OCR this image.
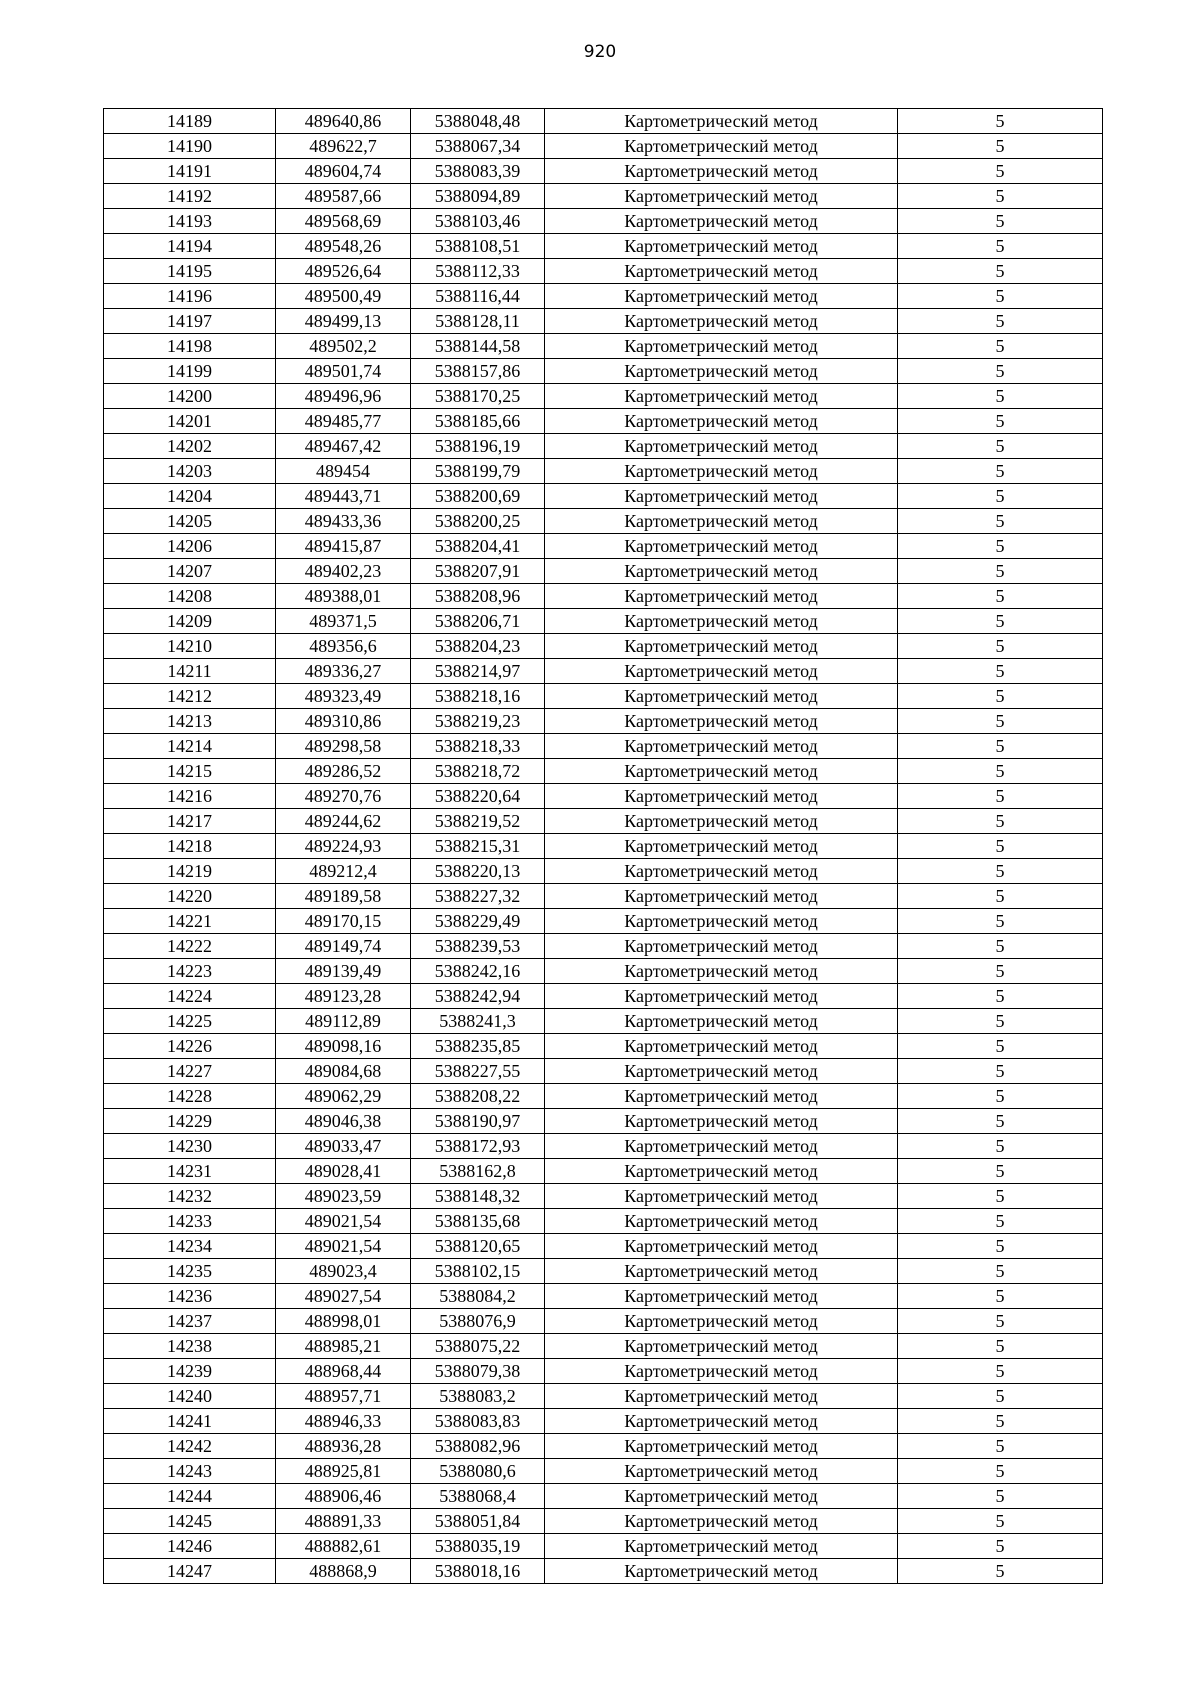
920
14189	489640,86	5388048,48	Картометрический метод	5
14190	489622,7	5388067,34	Картометрический метод	5
14191	489604,74	5388083,39	Картометрический метод	5
14192	489587,66	5388094,89	Картометрический метод	5
14193	489568,69	5388103,46	Картометрический метод	5
14194	489548,26	5388108,51	Картометрический метод	5
14195	489526,64	5388112,33	Картометрический метод	5
14196	489500,49	5388116,44	Картометрический метод	5
14197	489499,13	5388128,11	Картометрический метод	5
14198	489502,2	5388144,58	Картометрический метод	5
14199	489501,74	5388157,86	Картометрический метод	5
14200	489496,96	5388170,25	Картометрический метод	5
14201	489485,77	5388185,66	Картометрический метод	5
14202	489467,42	5388196,19	Картометрический метод	5
14203	489454	5388199,79	Картометрический метод	5
14204	489443,71	5388200,69	Картометрический метод	5
14205	489433,36	5388200,25	Картометрический метод	5
14206	489415,87	5388204,41	Картометрический метод	5
14207	489402,23	5388207,91	Картометрический метод	5
14208	489388,01	5388208,96	Картометрический метод	5
14209	489371,5	5388206,71	Картометрический метод	5
14210	489356,6	5388204,23	Картометрический метод	5
14211	489336,27	5388214,97	Картометрический метод	5
14212	489323,49	5388218,16	Картометрический метод	5
14213	489310,86	5388219,23	Картометрический метод	5
14214	489298,58	5388218,33	Картометрический метод	5
14215	489286,52	5388218,72	Картометрический метод	5
14216	489270,76	5388220,64	Картометрический метод	5
14217	489244,62	5388219,52	Картометрический метод	5
14218	489224,93	5388215,31	Картометрический метод	5
14219	489212,4	5388220,13	Картометрический метод	5
14220	489189,58	5388227,32	Картометрический метод	5
14221	489170,15	5388229,49	Картометрический метод	5
14222	489149,74	5388239,53	Картометрический метод	5
14223	489139,49	5388242,16	Картометрический метод	5
14224	489123,28	5388242,94	Картометрический метод	5
14225	489112,89	5388241,3	Картометрический метод	5
14226	489098,16	5388235,85	Картометрический метод	5
14227	489084,68	5388227,55	Картометрический метод	5
14228	489062,29	5388208,22	Картометрический метод	5
14229	489046,38	5388190,97	Картометрический метод	5
14230	489033,47	5388172,93	Картометрический метод	5
14231	489028,41	5388162,8	Картометрический метод	5
14232	489023,59	5388148,32	Картометрический метод	5
14233	489021,54	5388135,68	Картометрический метод	5
14234	489021,54	5388120,65	Картометрический метод	5
14235	489023,4	5388102,15	Картометрический метод	5
14236	489027,54	5388084,2	Картометрический метод	5
14237	488998,01	5388076,9	Картометрический метод	5
14238	488985,21	5388075,22	Картометрический метод	5
14239	488968,44	5388079,38	Картометрический метод	5
14240	488957,71	5388083,2	Картометрический метод	5
14241	488946,33	5388083,83	Картометрический метод	5
14242	488936,28	5388082,96	Картометрический метод	5
14243	488925,81	5388080,6	Картометрический метод	5
14244	488906,46	5388068,4	Картометрический метод	5
14245	488891,33	5388051,84	Картометрический метод	5
14246	488882,61	5388035,19	Картометрический метод	5
14247	488868,9	5388018,16	Картометрический метод	5
